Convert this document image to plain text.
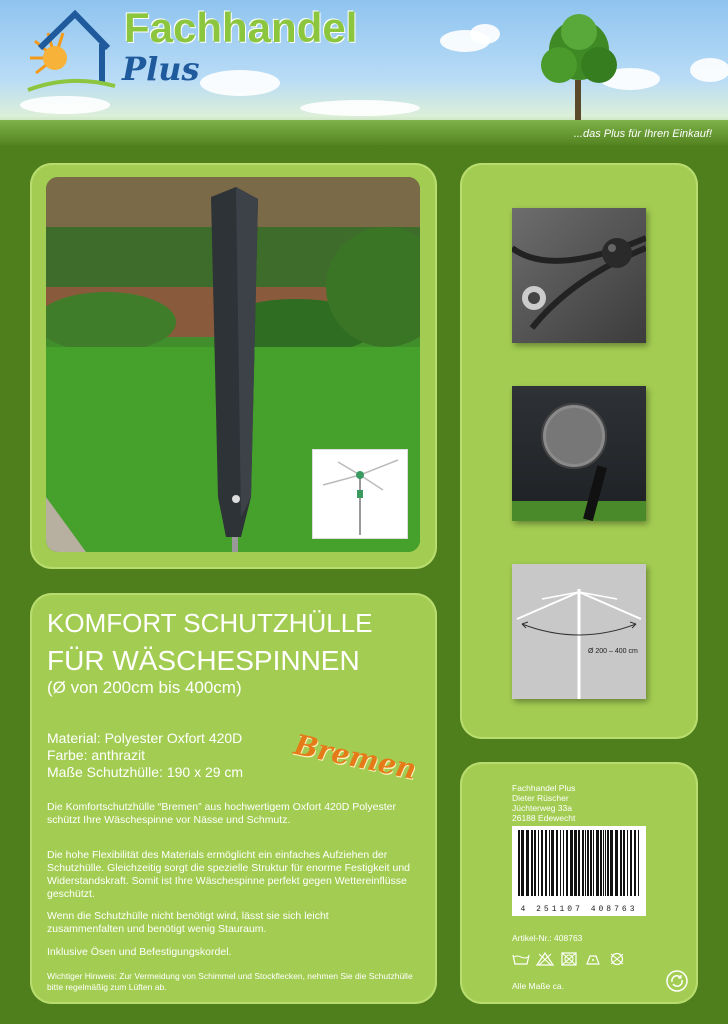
Fachhandel
Plus
...das Plus für Ihren Einkauf!
Ø 200 – 400 cm
KOMFORT SCHUTZHÜLLE
FÜR WÄSCHESPINNEN
(Ø von 200cm bis 400cm)
Bremen
Material: Polyester Oxfort 420D
Farbe: anthrazit
Maße Schutzhülle: 190 x 29 cm
Die Komfortschutzhülle “Bremen” aus hochwertigem Oxfort 420D Polyester schützt Ihre Wäschespinne vor Nässe und Schmutz.
Die hohe Flexibilität des Materials ermöglicht ein einfaches Aufziehen der Schutzhülle. Gleichzeitig sorgt die spezielle Struktur für enorme Festigkeit und Widerstandskraft. Somit ist Ihre Wäschespinne perfekt gegen Wettereinflüsse geschützt.
Wenn die Schutzhülle nicht benötigt wird, lässt sie sich leicht zusammenfalten und benötigt wenig Stauraum.
Inklusive Ösen und Befestigungskordel.
Wichtiger Hinweis: Zur Vermeidung von Schimmel und Stockflecken, nehmen Sie die Schutzhülle bitte regelmäßig zum Lüften ab.
Fachhandel Plus
Dieter Rüscher
Jüchterweg 33a
26188 Edewecht
4 251107 408763
Artikel-Nr.: 408763
Alle Maße ca.
